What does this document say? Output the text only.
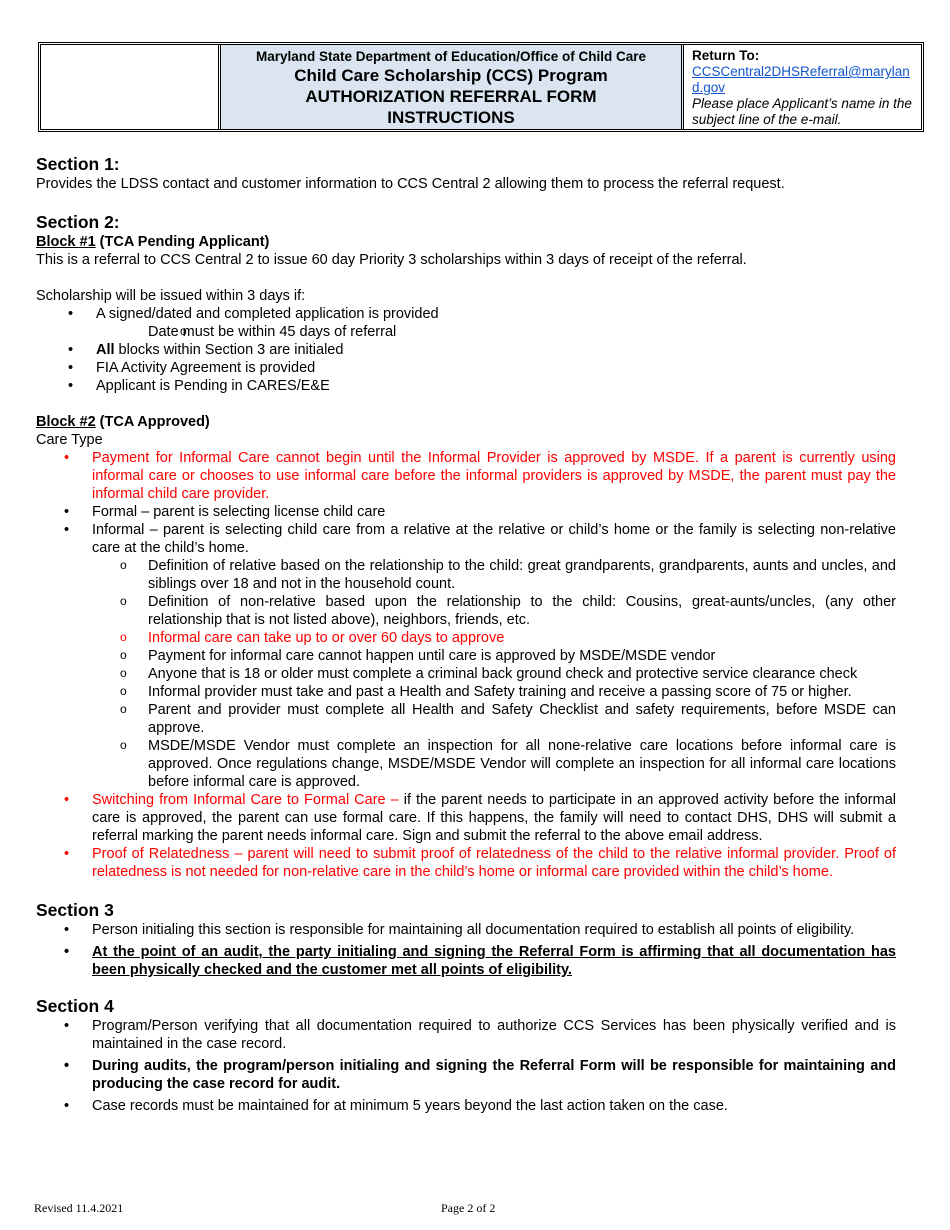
Maryland State Department of Education/Office of Child Care
Child Care Scholarship (CCS) Program
AUTHORIZATION REFERRAL FORM
INSTRUCTIONS
Return To:
CCSCentral2DHSReferral@maryland.gov
Please place Applicant’s name in the subject line of the e-mail.
Section 1:

Provides the LDSS contact and customer information to CCS Central 2 allowing them to process the referral request.

Section 2:

Block #1 (TCA Pending Applicant)

This is a referral to CCS Central 2 to issue 60 day Priority 3 scholarships within 3 days of receipt of the referral.

Scholarship will be issued within 3 days if:

• A signed/dated and completed application is provided
o Date must be within 45 days of referral
• All blocks within Section 3 are initialed
• FIA Activity Agreement is provided
• Applicant is Pending in CARES/E&E

Block #2 (TCA Approved)

Care Type

• Payment for Informal Care cannot begin until the Informal Provider is approved by MSDE. If a parent is currently using informal care or chooses to use informal care before the informal providers is approved by MSDE, the parent must pay the informal child care provider.
• Formal – parent is selecting license child care
• Informal – parent is selecting child care from a relative at the relative or child’s home or the family is selecting non-relative care at the child’s home.
o Definition of relative based on the relationship to the child: great grandparents, grandparents, aunts and uncles, and siblings over 18 and not in the household count.
o Definition of non-relative based upon the relationship to the child: Cousins, great-aunts/uncles, (any other relationship that is not listed above), neighbors, friends, etc.
o Informal care can take up to or over 60 days to approve
o Payment for informal care cannot happen until care is approved by MSDE/MSDE vendor
o Anyone that is 18 or older must complete a criminal back ground check and protective service clearance check
o Informal provider must take and past a Health and Safety training and receive a passing score of 75 or higher.
o Parent and provider must complete all Health and Safety Checklist and safety requirements, before MSDE can approve.
o MSDE/MSDE Vendor must complete an inspection for all none-relative care locations before informal care is approved. Once regulations change, MSDE/MSDE Vendor will complete an inspection for all informal care locations before informal care is approved.
• Switching from Informal Care to Formal Care – if the parent needs to participate in an approved activity before the informal care is approved, the parent can use formal care. If this happens, the family will need to contact DHS, DHS will submit a referral marking the parent needs informal care. Sign and submit the referral to the above email address.
• Proof of Relatedness – parent will need to submit proof of relatedness of the child to the relative informal provider. Proof of relatedness is not needed for non-relative care in the child’s home or informal care provided within the child’s home.
Section 3
• Person initialing this section is responsible for maintaining all documentation required to establish all points of eligibility.
• At the point of an audit, the party initialing and signing the Referral Form is affirming that all documentation has been physically checked and the customer met all points of eligibility.
Section 4
• Program/Person verifying that all documentation required to authorize CCS Services has been physically verified and is maintained in the case record.
• During audits, the program/person initialing and signing the Referral Form will be responsible for maintaining and producing the case record for audit.
• Case records must be maintained for at minimum 5 years beyond the last action taken on the case.
Revised 11.4.2021	Page 2 of 2
